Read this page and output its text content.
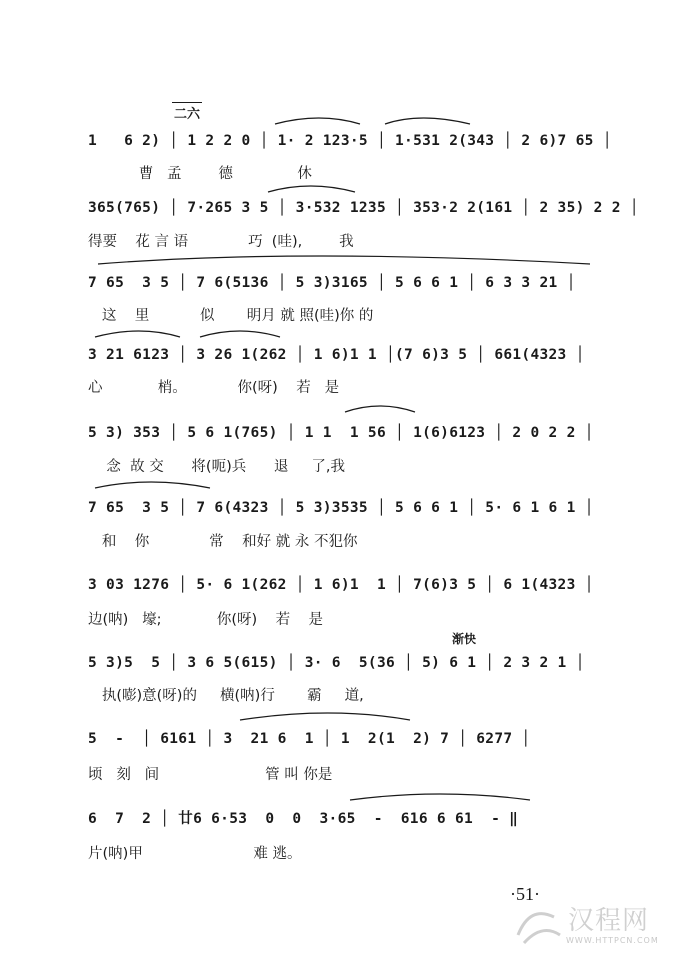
二六
渐快
1   6 2) │ 1 2 2 0 │ 1· 2 123·5 │ 1·531 2(343 │ 2 6)7 65 │
曹   孟        德              休
365(765) │ 7·265 3 5 │ 3·532 1235 │ 353·2 2(161 │ 2 35) 2 2 │
得要    花 言 语             巧  (哇),        我
7 65  3 5 │ 7 6(5136 │ 5 3)3165 │ 5 6 6 1 │ 6 3 3 21 │
这    里           似       明月 就 照(哇)你 的
3 21 6123 │ 3 26 1(262 │ 1 6)1 1 │(7 6)3 5 │ 661(4323 │
心            梢。           你(呀)    若   是
5 3) 353 │ 5 6 1(765) │ 1 1  1 56 │ 1(6)6123 │ 2 0 2 2 │
念  故 交      将(呃)兵      退     了,我
7 65  3 5 │ 7 6(4323 │ 5 3)3535 │ 5 6 6 1 │ 5· 6 1 6 1 │
和    你             常    和好 就 永 不犯你
3 03 1276 │ 5· 6 1(262 │ 1 6)1  1 │ 7(6)3 5 │ 6 1(4323 │
边(呐)   壕;            你(呀)    若    是
5 3)5  5 │ 3 6 5(615) │ 3· 6  5(36 │ 5) 6 1 │ 2 3 2 1 │
执(嘭)意(呀)的     横(呐)行       霸     道,
5  -  │ 6161 │ 3  21 6  1 │ 1  2(1  2) 7 │ 6277 │
顷   刻   间                       管 叫 你是
6  7  2 │ 廿6 6·53  0  0  3·65  -  616 6 61  - ‖
片(呐)甲                        难 逃。
·51·
汉程网
WWW.HTTPCN.COM
